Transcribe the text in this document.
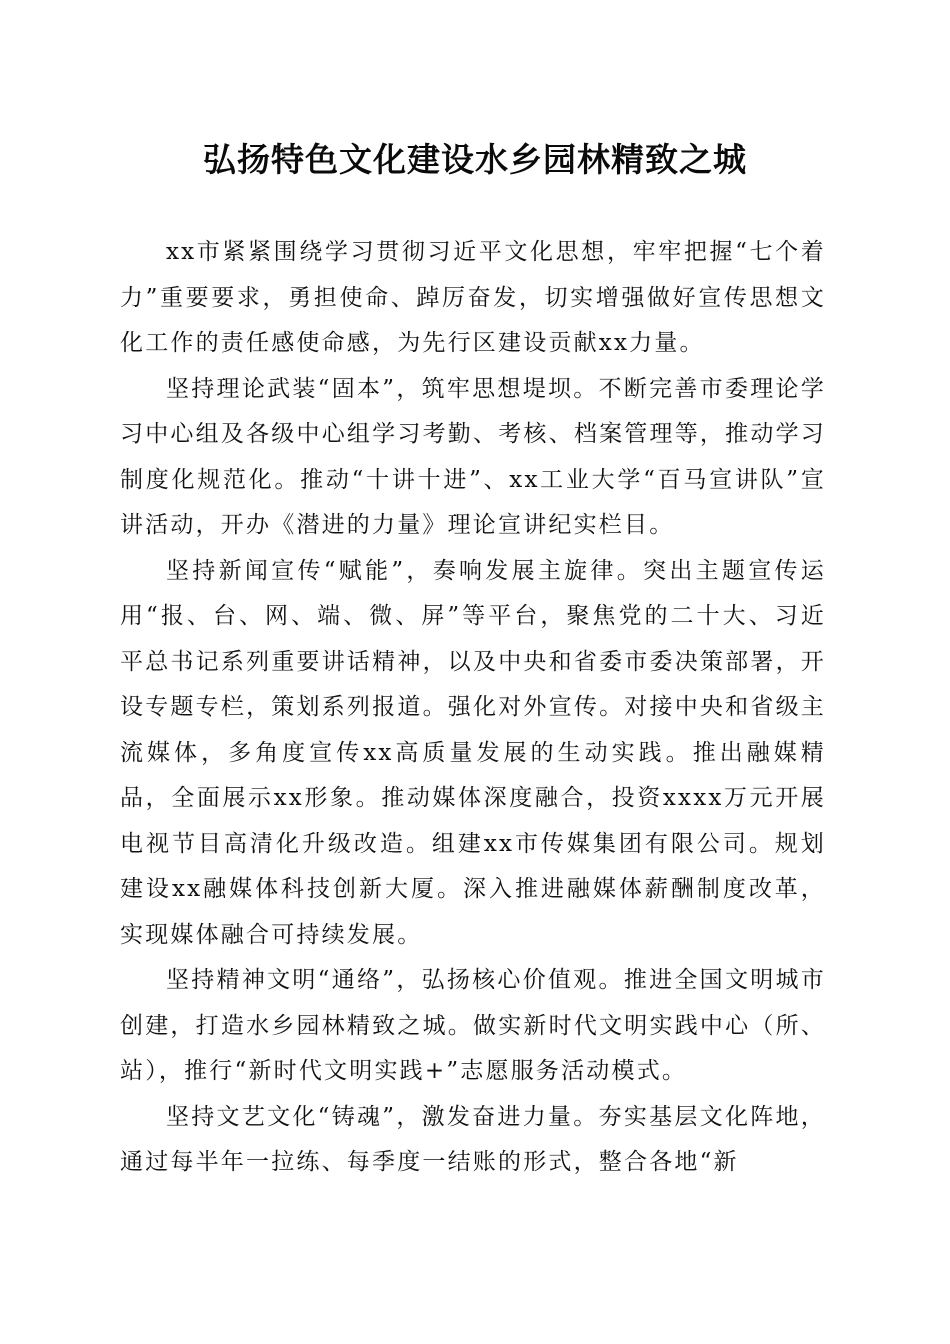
弘扬特色文化建设水乡园林精致之城

xx市紧紧围绕学习贯彻习近平文化思想，牢牢把握“七个着力”重要要求，勇担使命、踔厉奋发，切实增强做好宣传思想文化工作的责任感使命感，为先行区建设贡献xx力量。

坚持理论武装“固本”，筑牢思想堤坝。不断完善市委理论学习中心组及各级中心组学习考勤、考核、档案管理等，推动学习制度化规范化。推动“十讲十进”、xx工业大学“百马宣讲队”宣讲活动，开办《潜进的力量》理论宣讲纪实栏目。

坚持新闻宣传“赋能”，奏响发展主旋律。突出主题宣传运用“报、台、网、端、微、屏”等平台，聚焦党的二十大、习近平总书记系列重要讲话精神，以及中央和省委市委决策部署，开设专题专栏，策划系列报道。强化对外宣传。对接中央和省级主流媒体，多角度宣传xx高质量发展的生动实践。推出融媒精品，全面展示xx形象。推动媒体深度融合，投资xxxx万元开展电视节目高清化升级改造。组建xx市传媒集团有限公司。规划建设xx融媒体科技创新大厦。深入推进融媒体薪酬制度改革，实现媒体融合可持续发展。

坚持精神文明“通络”，弘扬核心价值观。推进全国文明城市创建，打造水乡园林精致之城。做实新时代文明实践中心（所、站），推行“新时代文明实践+”志愿服务活动模式。

坚持文艺文化“铸魂”，激发奋进力量。夯实基层文化阵地，通过每半年一拉练、每季度一结账的形式，整合各地“新
